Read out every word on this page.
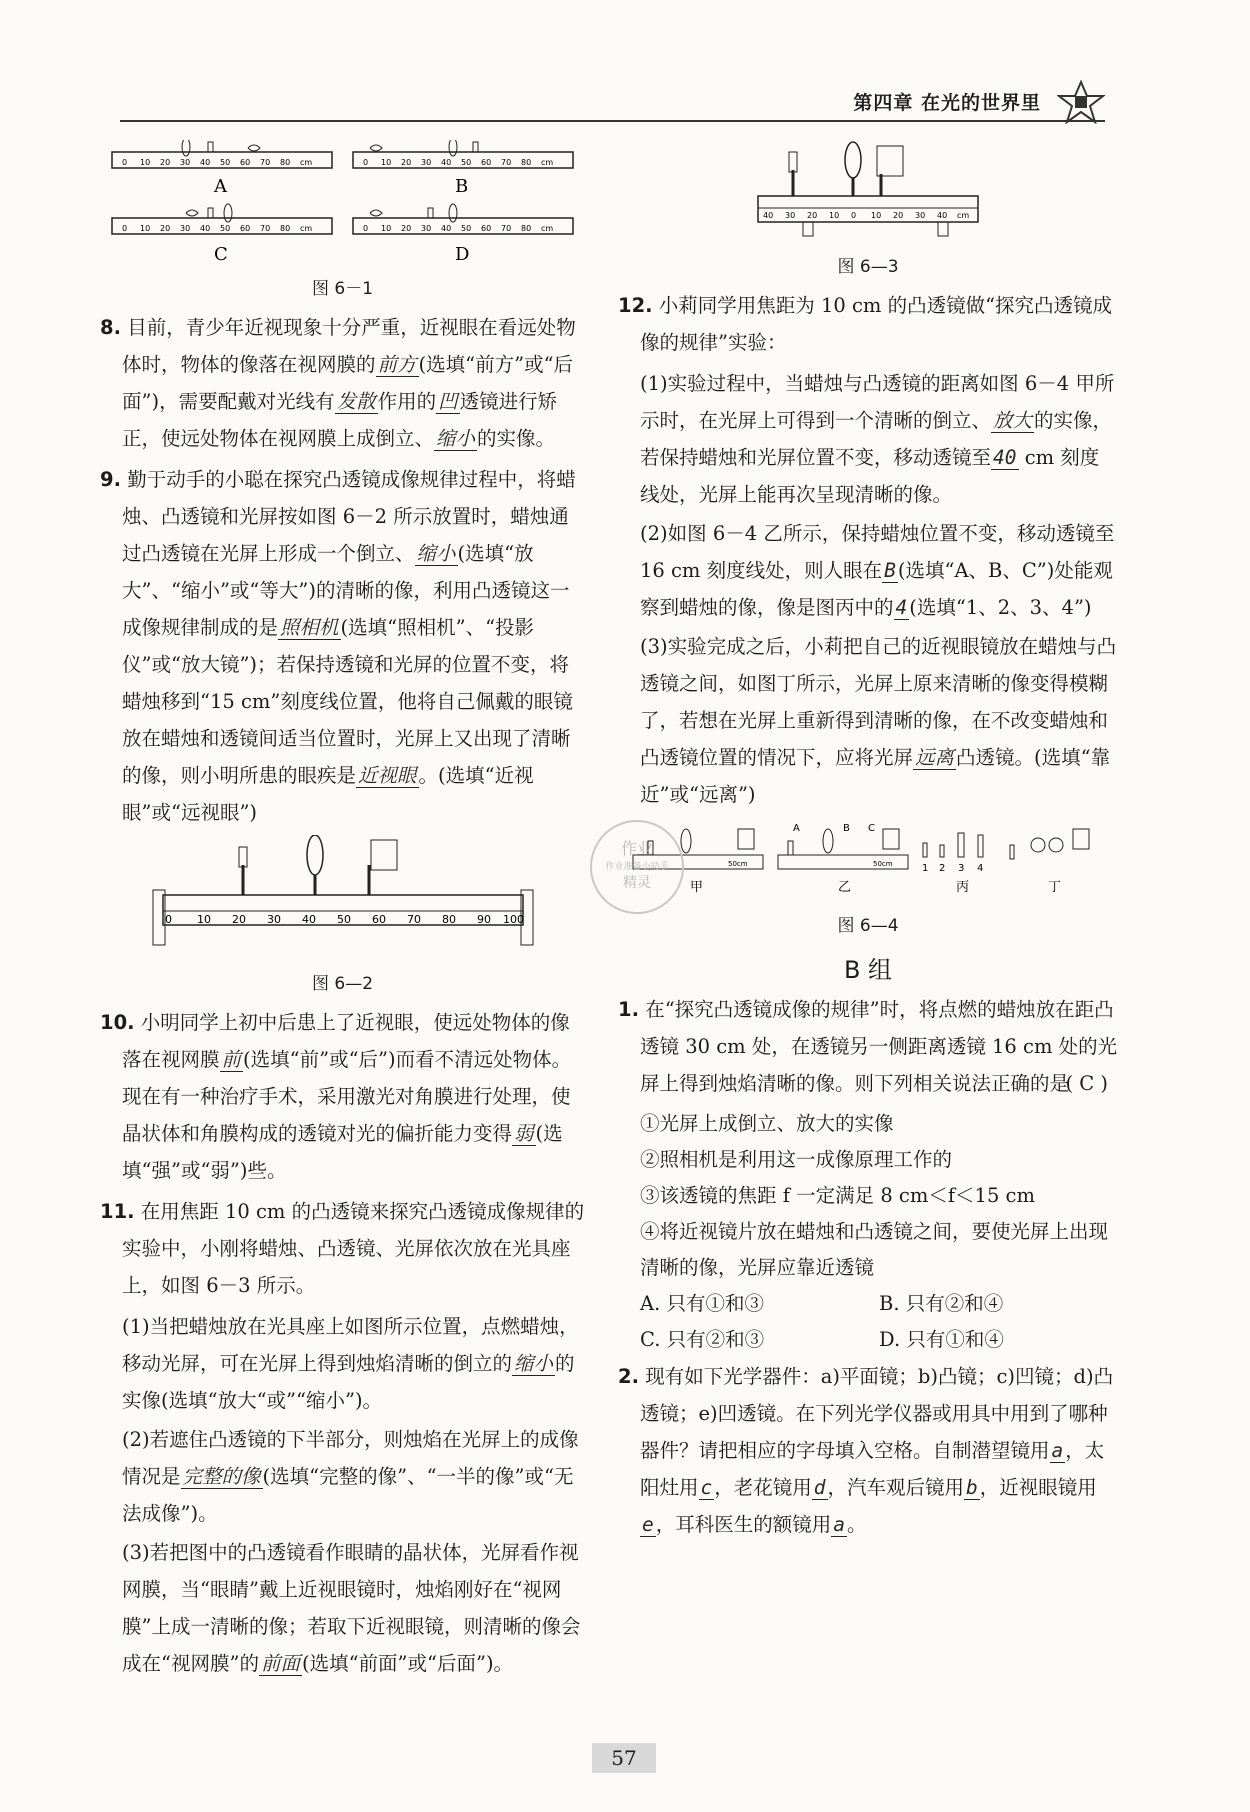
第四章 在光的世界里
0 10 20 30 40 50 60 70 80 cm	0 10 20 30 40 50 60 70 80 cm
0 10 20 30 40 50 60 70 80 cm	0 10 20 30 40 50 60 70 80 cm
A	B
C	D
图 6－1

8. 目前，青少年近视现象十分严重，近视眼在看远处物体时，物体的像落在视网膜的 前方 (选填“前方”或“后面”)，需要配戴对光线有 发散 作用的 凹 透镜进行矫正，使远处物体在视网膜上成倒立、 缩小 的实像。

9. 勤于动手的小聪在探究凸透镜成像规律过程中，将蜡烛、凸透镜和光屏按如图 6－2 所示放置时，蜡烛通过凸透镜在光屏上形成一个倒立、 缩小 (选填“放大”、“缩小”或“等大”)的清晰的像，利用凸透镜这一成像规律制成的是 照相机 (选填“照相机”、“投影仪”或“放大镜”)；若保持透镜和光屏的位置不变，将蜡烛移到“15 cm”刻度线位置，他将自己佩戴的眼镜放在蜡烛和透镜间适当位置时，光屏上又出现了清晰的像，则小明所患的眼疾是 近视眼 。(选填“近视眼”或“远视眼”)

0 10 20 30 40 50 60 70 80 90 100
图 6—2

10. 小明同学上初中后患上了近视眼，使远处物体的像落在视网膜 前 (选填“前”或“后”)而看不清远处物体。现在有一种治疗手术，采用激光对角膜进行处理，使晶状体和角膜构成的透镜对光的偏折能力变得 弱 (选填“强”或“弱”)些。

11. 在用焦距 10 cm 的凸透镜来探究凸透镜成像规律的实验中，小刚将蜡烛、凸透镜、光屏依次放在光具座上，如图 6－3 所示。

(1)当把蜡烛放在光具座上如图所示位置，点燃蜡烛，移动光屏，可在光屏上得到烛焰清晰的倒立的 缩小 的实像(选填“放大“或”“缩小”)。

(2)若遮住凸透镜的下半部分，则烛焰在光屏上的成像情况是 完整的像 (选填“完整的像”、“一半的像”或“无法成像”)。

(3)若把图中的凸透镜看作眼睛的晶状体，光屏看作视网膜，当“眼睛”戴上近视眼镜时，烛焰刚好在“视网膜”上成一清晰的像；若取下近视眼镜，则清晰的像会成在“视网膜”的 前面 (选填“前面”或“后面”)。

40 30 20 10 0 10 20 30 40 cm
图 6—3

12. 小莉同学用焦距为 10 cm 的凸透镜做“探究凸透镜成像的规律”实验：

(1)实验过程中，当蜡烛与凸透镜的距离如图 6－4 甲所示时，在光屏上可得到一个清晰的倒立、 放大 的实像，若保持蜡烛和光屏位置不变，移动透镜至 40 cm 刻度线处，光屏上能再次呈现清晰的像。

(2)如图 6－4 乙所示，保持蜡烛位置不变，移动透镜至 16 cm 刻度线处，则人眼在 B (选填“A、B、C”)处能观察到蜡烛的像，像是图丙中的 4 (选填“1、2、3、4”)

(3)实验完成之后，小莉把自己的近视眼镜放在蜡烛与凸透镜之间，如图丁所示，光屏上原来清晰的像变得模糊了，若想在光屏上重新得到清晰的像，在不改变蜡烛和凸透镜位置的情况下，应将光屏 远离 凸透镜。(选填“靠近”或“远离”)

50cm
A	B C
50cm	1 2 3 4
甲	乙	丙	丁
图 6—4
B 组

1. 在“探究凸透镜成像的规律”时，将点燃的蜡烛放在距凸透镜 30 cm 处，在透镜另一侧距离透镜 16 cm 处的光屏上得到烛焰清晰的像。则下列相关说法正确的是
( C )

①光屏上成倒立、放大的实像
②照相机是利用这一成像原理工作的
③该透镜的焦距 f 一定满足 8 cm＜f＜15 cm
④将近视镜片放在蜡烛和凸透镜之间，要使光屏上出现清晰的像，光屏应靠近透镜
A. 只有①和③	B. 只有②和④
C. 只有②和③	D. 只有①和④

2. 现有如下光学器件：a)平面镜；b)凸镜；c)凹镜；d)凸透镜；e)凹透镜。在下列光学仪器或用具中用到了哪种器件？请把相应的字母填入空格。自制潜望镜用 a ，太阳灶用 c ，老花镜用 d ，汽车观后镜用 b ，近视眼镜用e ，耳科医生的额镜用 a 。

作业
作业准备小助手
精灵
57
